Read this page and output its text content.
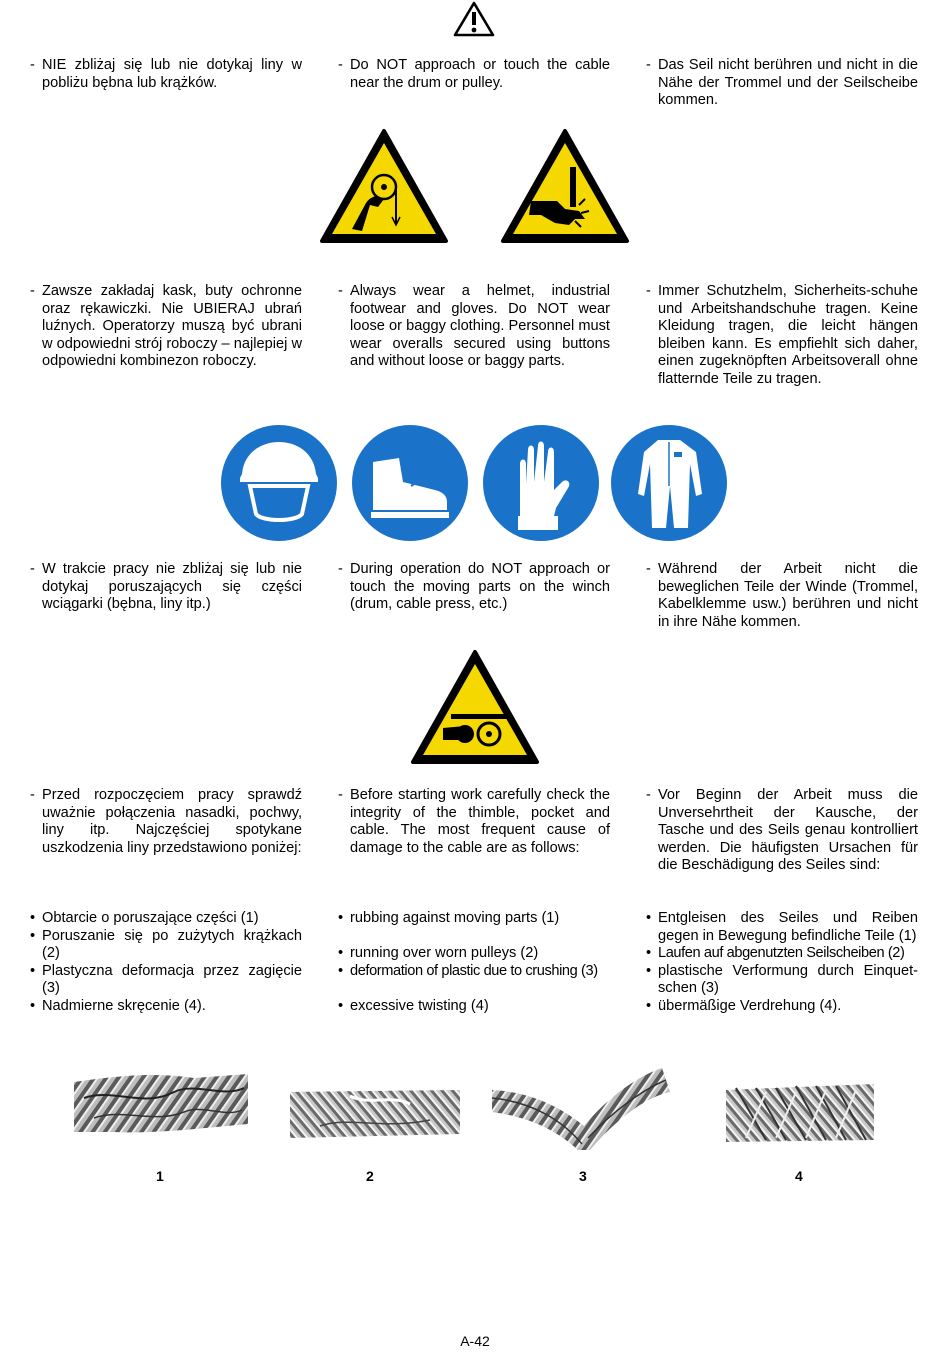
- NIE zbliżaj się lub nie dotykaj liny w pobliżu bębna lub krążków.
- Do NOT approach or touch the cable near the drum or pulley.
- Das Seil nicht berühren und nicht in die Nähe der Trommel und der Seilscheibe kommen.
- Zawsze zakładaj kask, buty ochronne oraz rękawiczki. Nie UBIERAJ ubrań luźnych. Operatorzy muszą być ubrani w odpowiedni strój roboczy – najlepiej w odpowiedni kombinezon roboczy.
- Always wear a helmet, industrial footwear and gloves. Do NOT wear loose or baggy clothing. Personnel must wear overalls secured using buttons and without loose or baggy parts.
- Immer Schutzhelm, Sicherheits-schuhe und Arbeitshandschuhe tragen. Keine Kleidung tragen, die leicht hängen bleiben kann. Es empfiehlt sich daher, einen zugeknöpften Arbeitsoverall ohne flatternde Teile zu tragen.
- W trakcie pracy nie zbliżaj się lub nie dotykaj poruszających się części wciągarki (bębna, liny itp.)
- During operation do NOT approach or touch the moving parts on the winch (drum, cable press, etc.)
- Während der Arbeit nicht die beweglichen Teile der Winde (Trommel, Kabelklemme usw.) berühren und nicht in ihre Nähe kommen.
- Przed rozpoczęciem pracy sprawdź uważnie połączenia nasadki, pochwy, liny itp. Najczęściej spotykane uszkodzenia liny przedstawiono poniżej:
- Before starting work carefully check the integrity of the thimble, pocket and cable. The most frequent cause of damage to the cable are as follows:
- Vor Beginn der Arbeit muss die Unversehrtheit der Kausche, der Tasche und des Seils genau kontrolliert werden. Die häufigsten Ursachen für die Beschädigung des Seiles sind:
• Obtarcie o poruszające części (1)
• Poruszanie się po zużytych krążkach (2)
• Plastyczna deformacja przez zagięcie (3)
• Nadmierne skręcenie (4).
• rubbing against moving parts (1)
• running over worn pulleys (2)
• deformation of plastic due to crushing (3)
• excessive twisting (4)
• Entgleisen des Seiles und Reiben gegen in Bewegung befindliche Teile (1)
• Laufen auf abgenutzten Seilscheiben (2)
• plastische Verformung durch Einquet-schen (3)
• übermäßige Verdrehung (4).
1	2	3	4
A-42
